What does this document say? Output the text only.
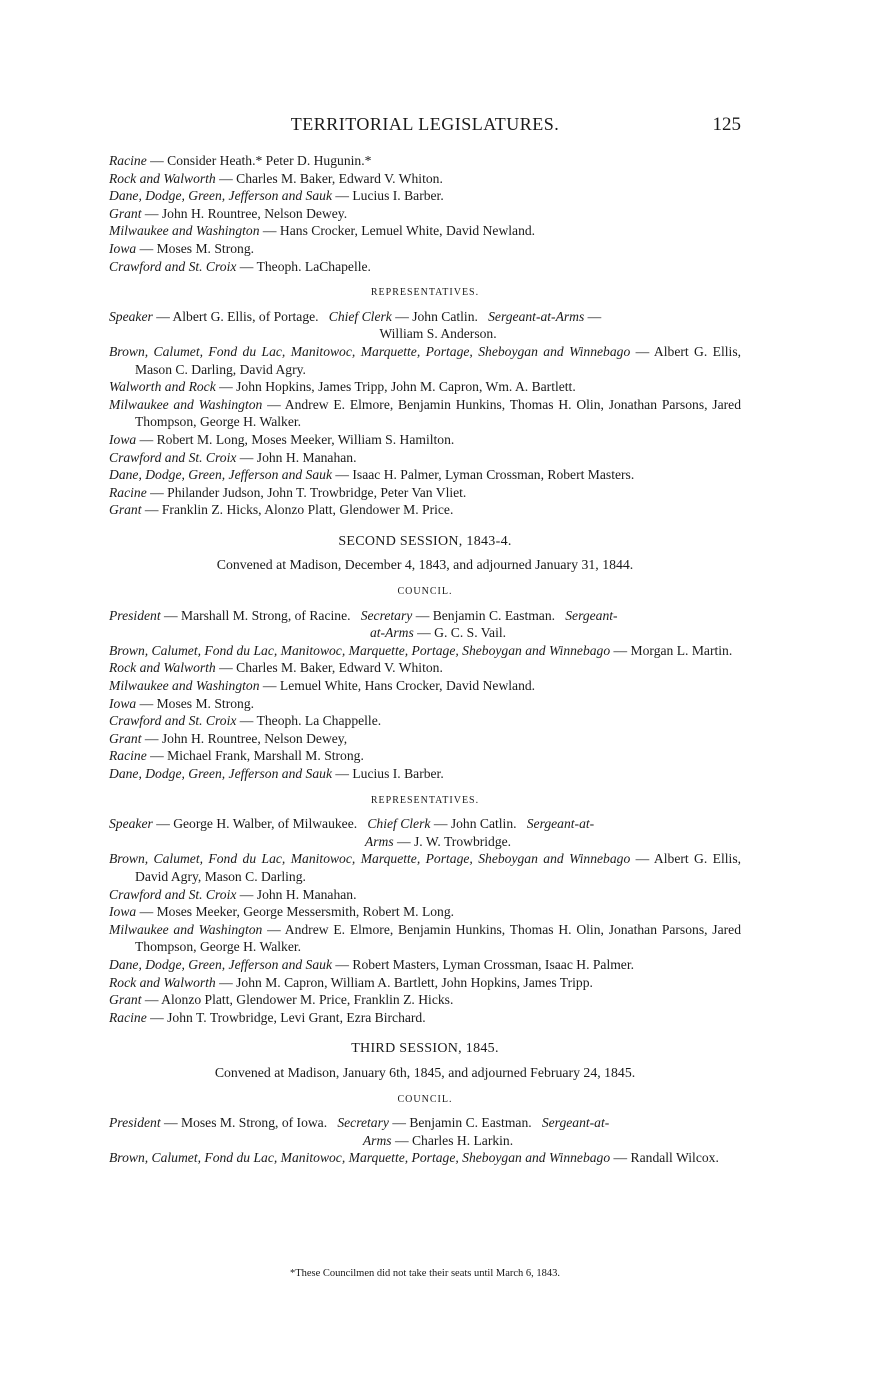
TERRITORIAL LEGISLATURES.	125
Racine — Consider Heath.* Peter D. Hugunin.*
Rock and Walworth — Charles M. Baker, Edward V. Whiton.
Dane, Dodge, Green, Jefferson and Sauk — Lucius I. Barber.
Grant — John H. Rountree, Nelson Dewey.
Milwaukee and Washington — Hans Crocker, Lemuel White, David Newland.
Iowa — Moses M. Strong.
Crawford and St. Croix — Theoph. LaChapelle.
REPRESENTATIVES.
Speaker — Albert G. Ellis, of Portage. Chief Clerk — John Catlin. Sergeant-at-Arms —
William S. Anderson.
Brown, Calumet, Fond du Lac, Manitowoc, Marquette, Portage, Sheboygan and Winnebago — Albert G. Ellis, Mason C. Darling, David Agry.
Walworth and Rock — John Hopkins, James Tripp, John M. Capron, Wm. A. Bartlett.
Milwaukee and Washington — Andrew E. Elmore, Benjamin Hunkins, Thomas H. Olin, Jonathan Parsons, Jared Thompson, George H. Walker.
Iowa — Robert M. Long, Moses Meeker, William S. Hamilton.
Crawford and St. Croix — John H. Manahan.
Dane, Dodge, Green, Jefferson and Sauk — Isaac H. Palmer, Lyman Crossman, Robert Masters.
Racine — Philander Judson, John T. Trowbridge, Peter Van Vliet.
Grant — Franklin Z. Hicks, Alonzo Platt, Glendower M. Price.
SECOND SESSION, 1843-4.
Convened at Madison, December 4, 1843, and adjourned January 31, 1844.
COUNCIL.
President — Marshall M. Strong, of Racine. Secretary — Benjamin C. Eastman. Sergeant-
at-Arms — G. C. S. Vail.
Brown, Calumet, Fond du Lac, Manitowoc, Marquette, Portage, Sheboygan and Winnebago — Morgan L. Martin.
Rock and Walworth — Charles M. Baker, Edward V. Whiton.
Milwaukee and Washington — Lemuel White, Hans Crocker, David Newland.
Iowa — Moses M. Strong.
Crawford and St. Croix — Theoph. La Chappelle.
Grant — John H. Rountree, Nelson Dewey,
Racine — Michael Frank, Marshall M. Strong.
Dane, Dodge, Green, Jefferson and Sauk — Lucius I. Barber.
REPRESENTATIVES.
Speaker — George H. Walber, of Milwaukee. Chief Clerk — John Catlin. Sergeant-at-
Arms — J. W. Trowbridge.
Brown, Calumet, Fond du Lac, Manitowoc, Marquette, Portage, Sheboygan and Winnebago — Albert G. Ellis, David Agry, Mason C. Darling.
Crawford and St. Croix — John H. Manahan.
Iowa — Moses Meeker, George Messersmith, Robert M. Long.
Milwaukee and Washington — Andrew E. Elmore, Benjamin Hunkins, Thomas H. Olin, Jonathan Parsons, Jared Thompson, George H. Walker.
Dane, Dodge, Green, Jefferson and Sauk — Robert Masters, Lyman Crossman, Isaac H. Palmer.
Rock and Walworth — John M. Capron, William A. Bartlett, John Hopkins, James Tripp.
Grant — Alonzo Platt, Glendower M. Price, Franklin Z. Hicks.
Racine — John T. Trowbridge, Levi Grant, Ezra Birchard.
THIRD SESSION, 1845.
Convened at Madison, January 6th, 1845, and adjourned February 24, 1845.
COUNCIL.
President — Moses M. Strong, of Iowa. Secretary — Benjamin C. Eastman. Sergeant-at-
Arms — Charles H. Larkin.
Brown, Calumet, Fond du Lac, Manitowoc, Marquette, Portage, Sheboygan and Winnebago — Randall Wilcox.
*These Councilmen did not take their seats until March 6, 1843.
